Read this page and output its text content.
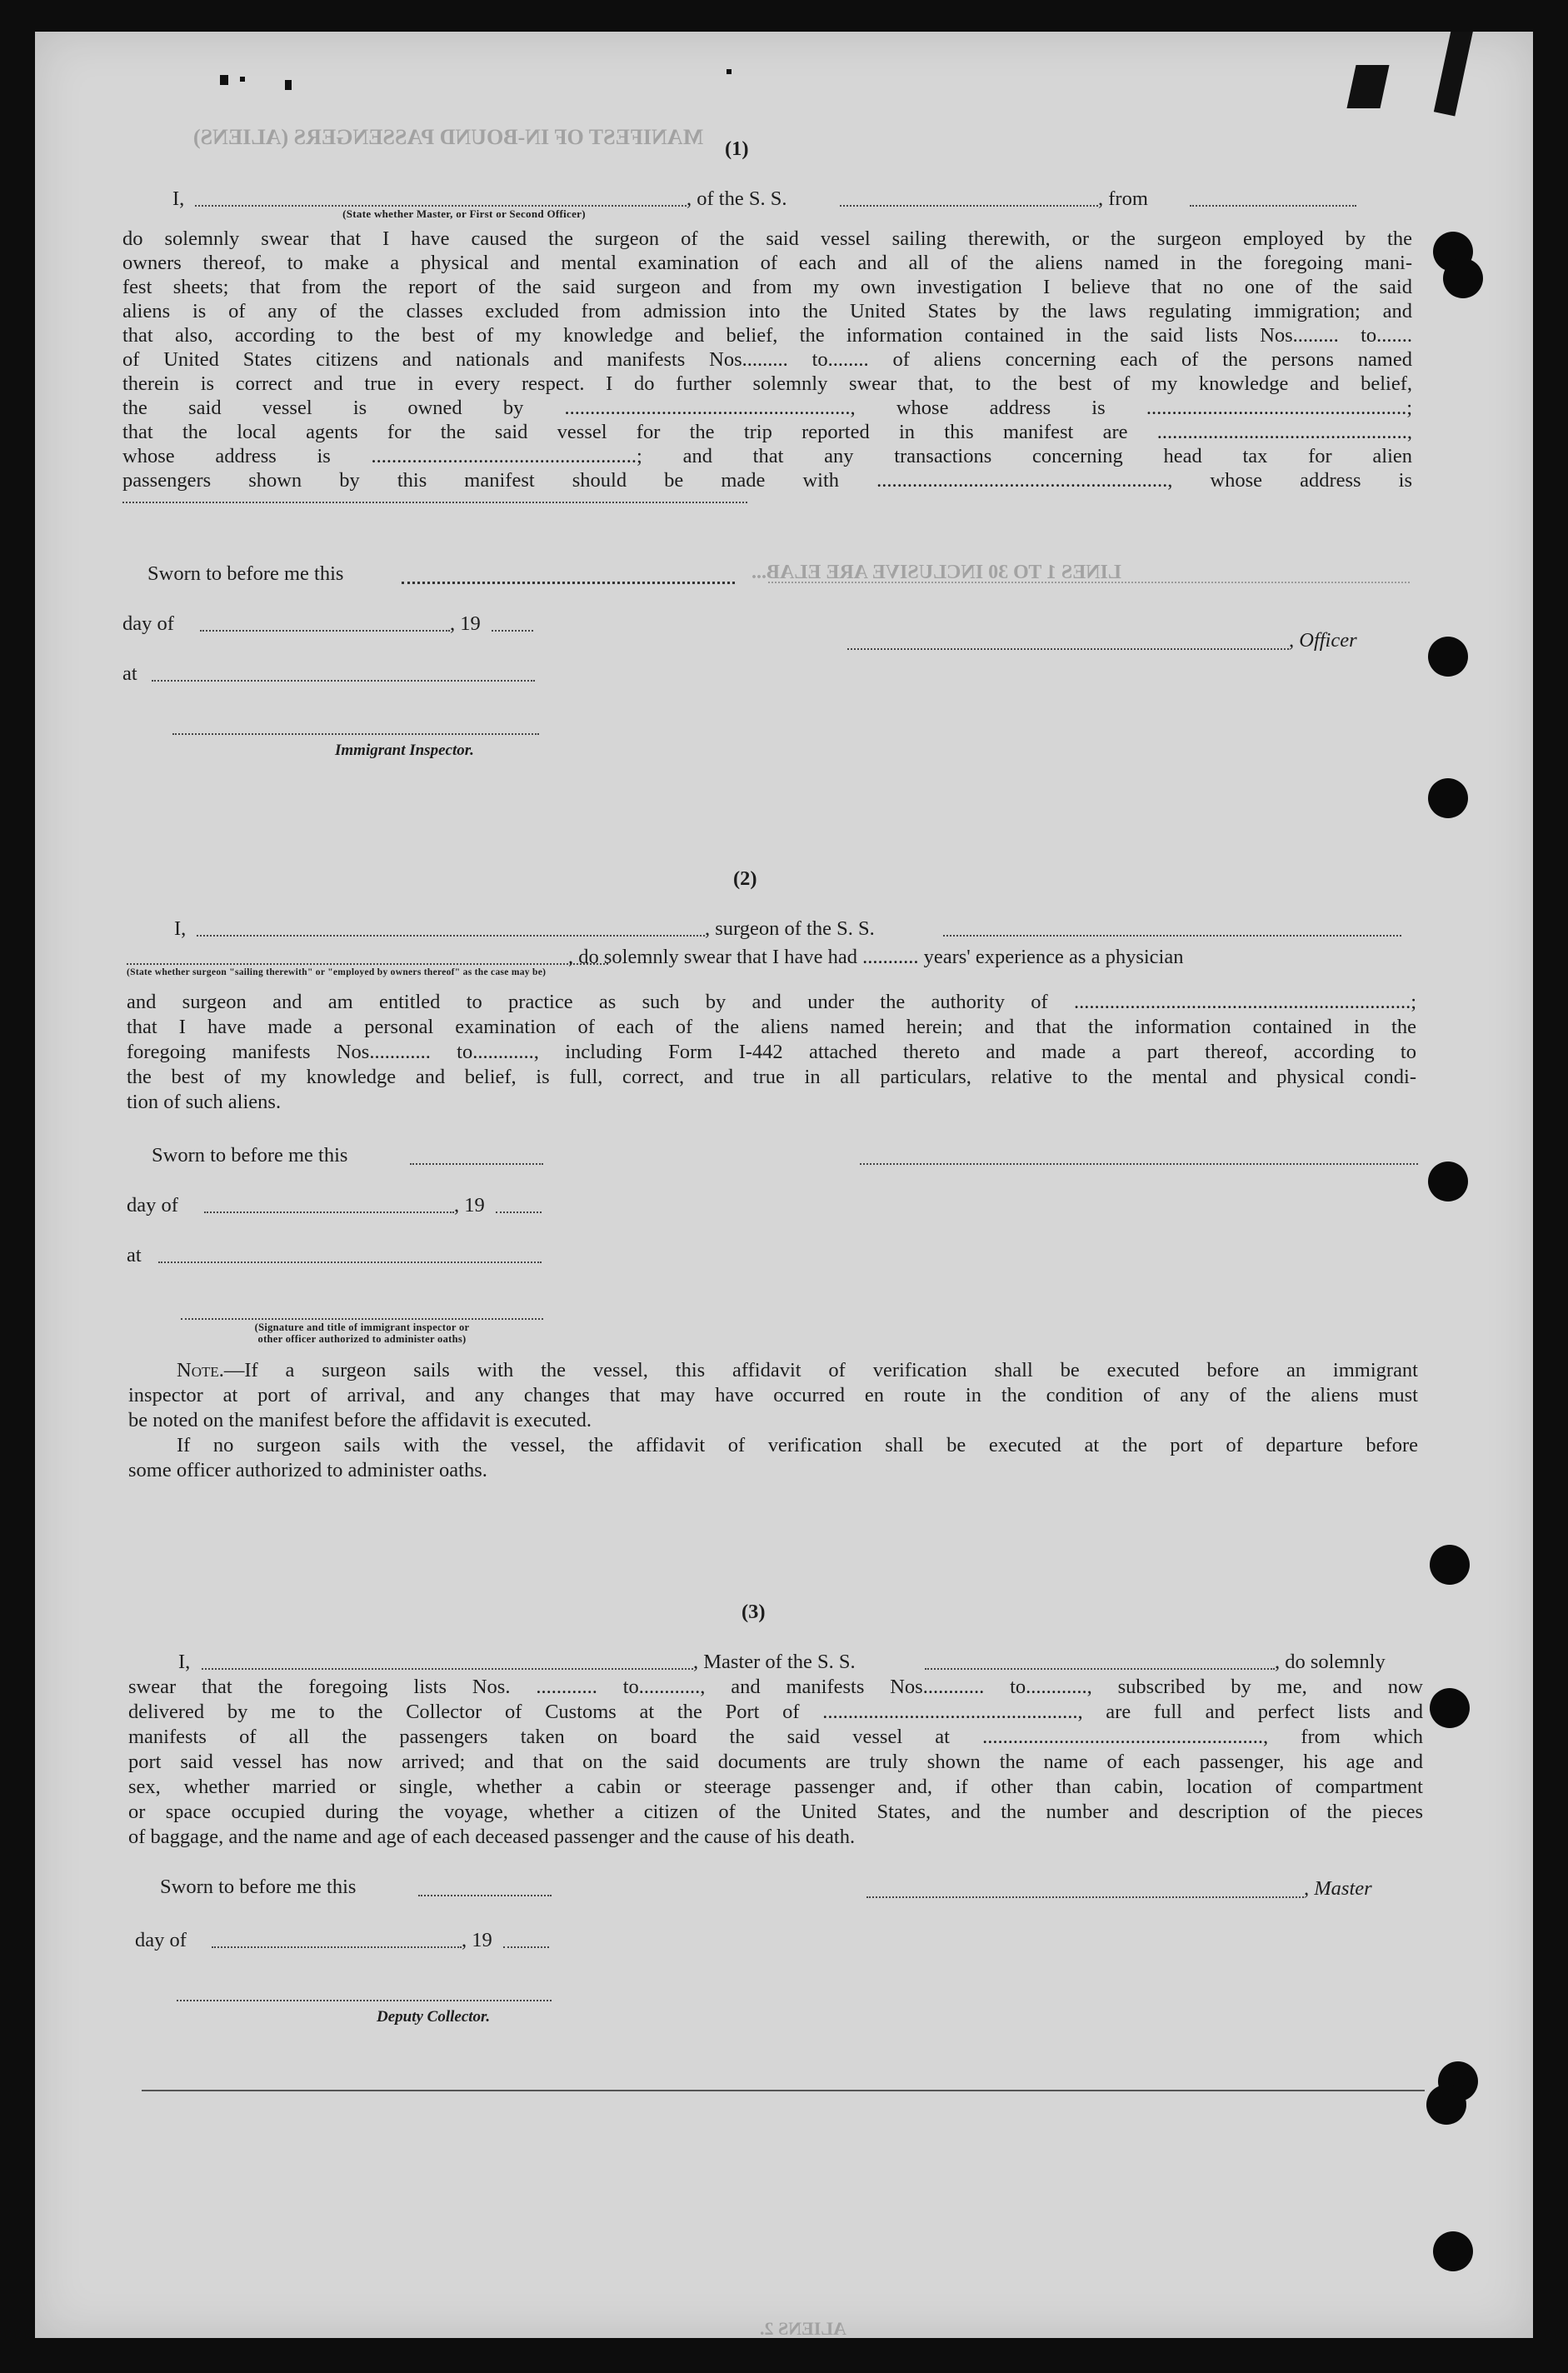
MANIFEST OF IN-BOUND PASSENGERS (ALIENS)
LINES 1 TO 30 INCLUSIVE ARE ELAB...
ALIENS 2.
(1)
I,	, of the S. S.	, from
(State whether Master, or First or Second Officer)
do solemnly swear that I have caused the surgeon of the said vessel sailing therewith, or the surgeon employed by the
owners thereof, to make a physical and mental examination of each and all of the aliens named in the foregoing mani-
fest sheets; that from the report of the said surgeon and from my own investigation I believe that no one of the said
aliens is of any of the classes excluded from admission into the United States by the laws regulating immigration; and
that also, according to the best of my knowledge and belief, the information contained in the said lists Nos......... to.......
of United States citizens and nationals and manifests Nos......... to........ of aliens concerning each of the persons named
therein is correct and true in every respect. I do further solemnly swear that, to the best of my knowledge and belief,
the said vessel is owned by ........................................................, whose address is ...................................................;
that the local agents for the said vessel for the trip reported in this manifest are .................................................,
whose address is ....................................................; and that any transactions concerning head tax for alien
passengers shown by this manifest should be made with ........................................................., whose address is
Sworn to before me this
day of	, 19
, Officer
at
Immigrant Inspector.
(2)
I,	, surgeon of the S. S.
, do solemnly swear that I have had ........... years' experience as a physician
(State whether surgeon "sailing therewith" or "employed by owners thereof" as the case may be)
and surgeon and am entitled to practice as such by and under the authority of ..................................................................;
that I have made a personal examination of each of the aliens named herein; and that the information contained in the
foregoing manifests Nos............ to............, including Form I-442 attached thereto and made a part thereof, according to
the best of my knowledge and belief, is full, correct, and true in all particulars, relative to the mental and physical condi-
tion of such aliens.
Sworn to before me this
day of	, 19
at
(Signature and title of immigrant inspector or
other officer authorized to administer oaths)
Note.—If a surgeon sails with the vessel, this affidavit of verification shall be executed before an immigrant
inspector at port of arrival, and any changes that may have occurred en route in the condition of any of the aliens must
be noted on the manifest before the affidavit is executed.
If no surgeon sails with the vessel, the affidavit of verification shall be executed at the port of departure before
some officer authorized to administer oaths.
(3)
I,	, Master of the S. S.	, do solemnly
swear that the foregoing lists Nos. ............ to............, and manifests Nos............ to............, subscribed by me, and now
delivered by me to the Collector of Customs at the Port of .................................................., are full and perfect lists and
manifests of all the passengers taken on board the said vessel at ......................................................., from which
port said vessel has now arrived; and that on the said documents are truly shown the name of each passenger, his age and
sex, whether married or single, whether a cabin or steerage passenger and, if other than cabin, location of compartment
or space occupied during the voyage, whether a citizen of the United States, and the number and description of the pieces
of baggage, and the name and age of each deceased passenger and the cause of his death.
Sworn to before me this	, Master
day of	, 19
Deputy Collector.
